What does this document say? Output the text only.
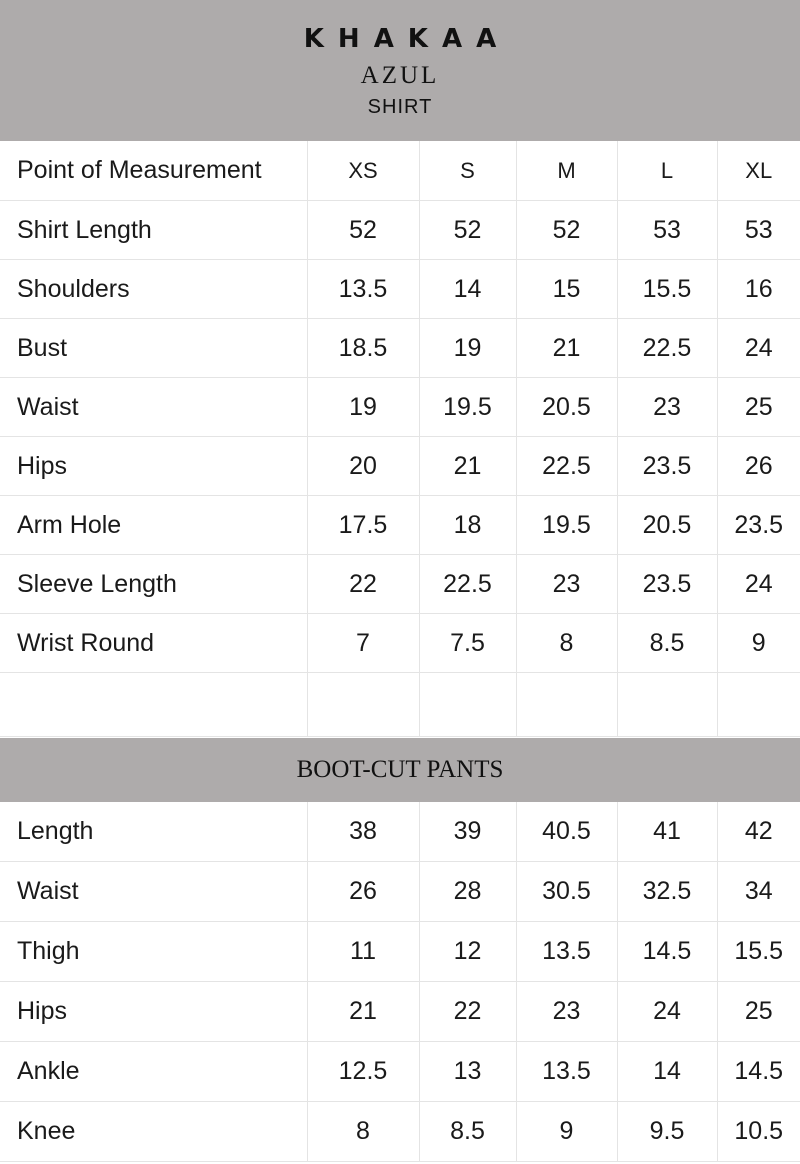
KHAKAA
AZUL
SHIRT
Point of Measurement	XS	S	M	L	XL
Shirt Length	52	52	52	53	53
Shoulders	13.5	14	15	15.5	16
Bust	18.5	19	21	22.5	24
Waist	19	19.5	20.5	23	25
Hips	20	21	22.5	23.5	26
Arm Hole	17.5	18	19.5	20.5	23.5
Sleeve Length	22	22.5	23	23.5	24
Wrist Round	7	7.5	8	8.5	9

BOOT-CUT PANTS
Length	38	39	40.5	41	42
Waist	26	28	30.5	32.5	34
Thigh	11	12	13.5	14.5	15.5
Hips	21	22	23	24	25
Ankle	12.5	13	13.5	14	14.5
Knee	8	8.5	9	9.5	10.5
